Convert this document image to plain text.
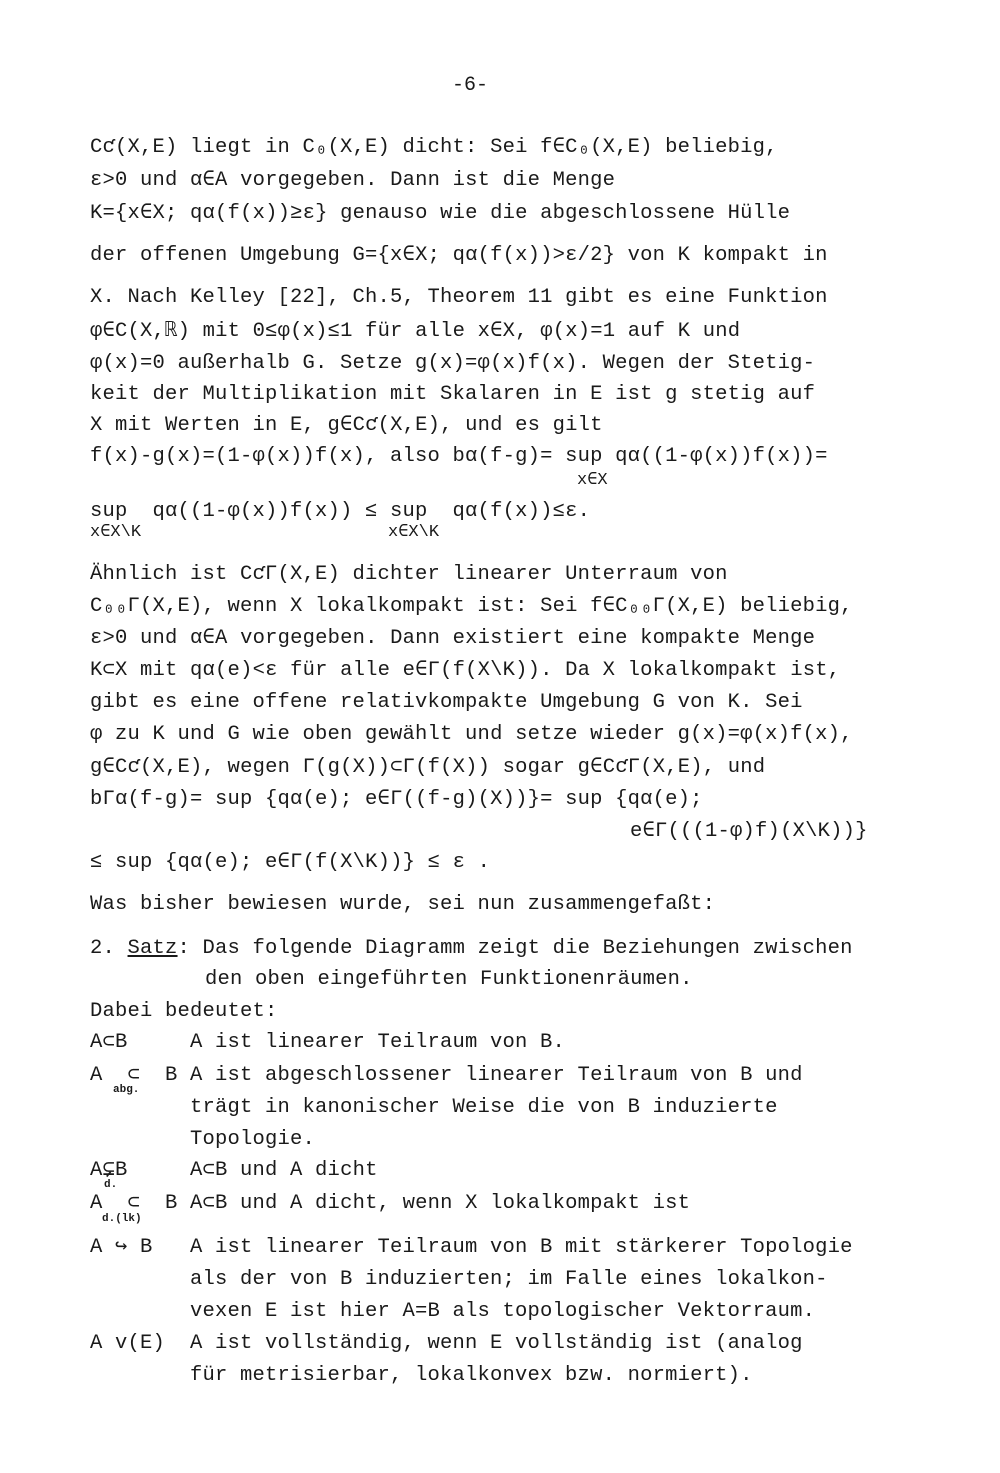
-6-
Cƈ(X,E) liegt in C₀(X,E) dicht: Sei f∈C₀(X,E) beliebig,
ε>0 und α∈A vorgegeben. Dann ist die Menge
K={x∈X; qα(f(x))≥ε} genauso wie die abgeschlossene Hülle
der offenen Umgebung G={x∈X; qα(f(x))>ε/2} von K kompakt in
X. Nach Kelley [22], Ch.5, Theorem 11 gibt es eine Funktion
φ∈C(X,ℝ) mit 0≤φ(x)≤1 für alle x∈X, φ(x)=1 auf K und
φ(x)=0 außerhalb G. Setze g(x)=φ(x)f(x). Wegen der Stetig-
keit der Multiplikation mit Skalaren in E ist g stetig auf
X mit Werten in E, g∈Cƈ(X,E), und es gilt
f(x)-g(x)=(1-φ(x))f(x), also bα(f-g)= sup qα((1-φ(x))f(x))=
x∈X
sup  qα((1-φ(x))f(x)) ≤ sup  qα(f(x))≤ε.
x∈X\K	x∈X\K
Ähnlich ist CƈΓ(X,E) dichter linearer Unterraum von
C₀₀Γ(X,E), wenn X lokalkompakt ist: Sei f∈C₀₀Γ(X,E) beliebig,
ε>0 und α∈A vorgegeben. Dann existiert eine kompakte Menge
K⊂X mit qα(e)<ε für alle e∈Γ(f(X\K)). Da X lokalkompakt ist,
gibt es eine offene relativkompakte Umgebung G von K. Sei
φ zu K und G wie oben gewählt und setze wieder g(x)=φ(x)f(x),
g∈Cƈ(X,E), wegen Γ(g(X))⊂Γ(f(X)) sogar g∈CƈΓ(X,E), und
bΓα(f-g)= sup {qα(e); e∈Γ((f-g)(X))}= sup {qα(e);
e∈Γ(((1-φ)f)(X\K))}
≤ sup {qα(e); e∈Γ(f(X\K))} ≤ ε .
Was bisher bewiesen wurde, sei nun zusammengefaßt:
2. Satz: Das folgende Diagramm zeigt die Beziehungen zwischen
den oben eingeführten Funktionenräumen.
Dabei bedeutet:
A⊂B	A ist linearer Teilraum von B.
A  ⊂  B
abg.
A ist abgeschlossener linearer Teilraum von B und
trägt in kanonischer Weise die von B induzierte
Topologie.
A⊊B
d.
A⊂B und A dicht
A  ⊂  B
d.(lk)
A⊂B und A dicht, wenn X lokalkompakt ist
A ↪ B A ist linearer Teilraum von B mit stärkerer Topologie
als der von B induzierten; im Falle eines lokalkon-
vexen E ist hier A=B als topologischer Vektorraum.
A v(E) A ist vollständig, wenn E vollständig ist (analog
für metrisierbar, lokalkonvex bzw. normiert).
